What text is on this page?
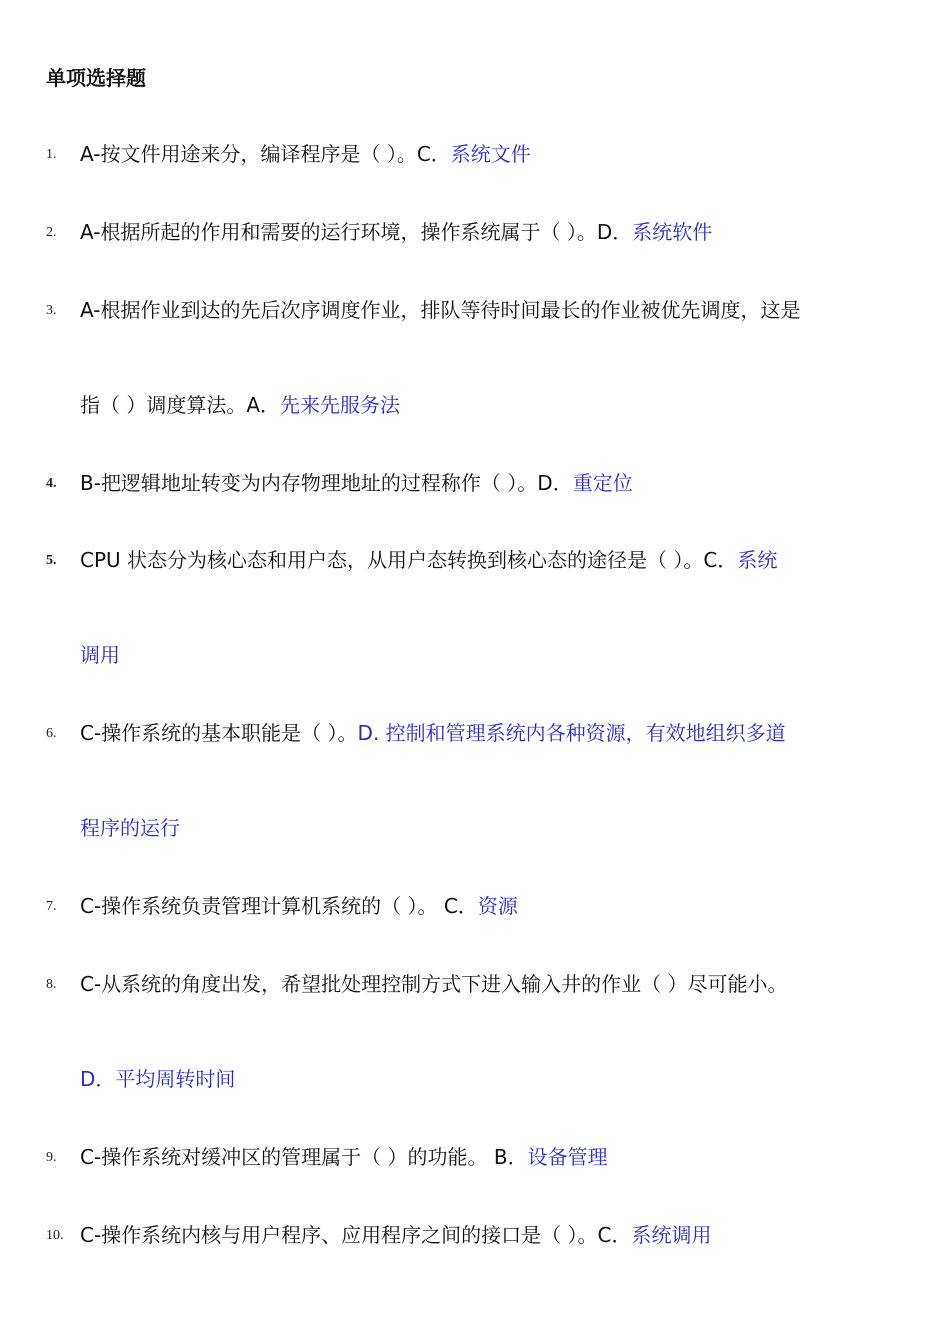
单项选择题
1. A-按文件用途来分，编译程序是（ ）。C．系统文件
2. A-根据所起的作用和需要的运行环境，操作系统属于（ ）。D．系统软件
3. A-根据作业到达的先后次序调度作业，排队等待时间最长的作业被优先调度，这是
指（ ）调度算法。A．先来先服务法
4. B-把逻辑地址转变为内存物理地址的过程称作（ ）。D．重定位
5. CPU 状态分为核心态和用户态，从用户态转换到核心态的途径是（ ）。C．系统
调用
6. C-操作系统的基本职能是（ ）。D. 控制和管理系统内各种资源，有效地组织多道
程序的运行
7. C-操作系统负责管理计算机系统的（ ）。 C．资源
8. C-从系统的角度出发，希望批处理控制方式下进入输入井的作业（ ）尽可能小。
D．平均周转时间
9. C-操作系统对缓冲区的管理属于（ ）的功能。 B．设备管理
10. C-操作系统内核与用户程序、应用程序之间的接口是（ ）。C．系统调用
